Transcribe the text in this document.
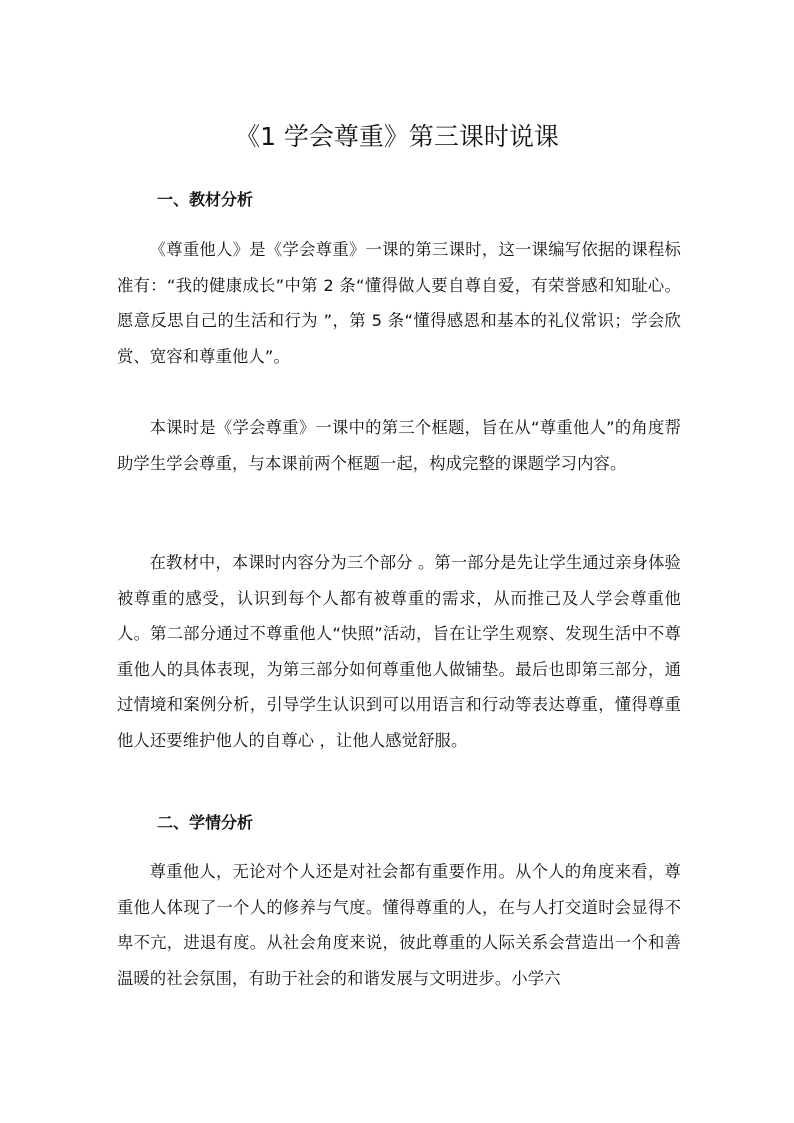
《1 学会尊重》第三课时说课
一、教材分析

《尊重他人》是《学会尊重》一课的第三课时，这一课编写依据的课程标准有：“我的健康成长”中第 2 条“懂得做人要自尊自爱，有荣誉感和知耻心。愿意反思自己的生活和行为 ”，第 5 条“懂得感恩和基本的礼仪常识；学会欣赏、宽容和尊重他人”。

本课时是《学会尊重》一课中的第三个框题，旨在从“尊重他人”的角度帮助学生学会尊重，与本课前两个框题一起，构成完整的课题学习内容。

在教材中，本课时内容分为三个部分 。第一部分是先让学生通过亲身体验被尊重的感受，认识到每个人都有被尊重的需求，从而推己及人学会尊重他人。第二部分通过不尊重他人“快照”活动，旨在让学生观察、发现生活中不尊重他人的具体表现，为第三部分如何尊重他人做铺垫。最后也即第三部分，通过情境和案例分析，引导学生认识到可以用语言和行动等表达尊重，懂得尊重他人还要维护他人的自尊心 ，让他人感觉舒服。

二、学情分析

尊重他人，无论对个人还是对社会都有重要作用。从个人的角度来看，尊重他人体现了一个人的修养与气度。懂得尊重的人，在与人打交道时会显得不卑不亢，进退有度。从社会角度来说，彼此尊重的人际关系会营造出一个和善温暖的社会氛围，有助于社会的和谐发展与文明进步。小学六
